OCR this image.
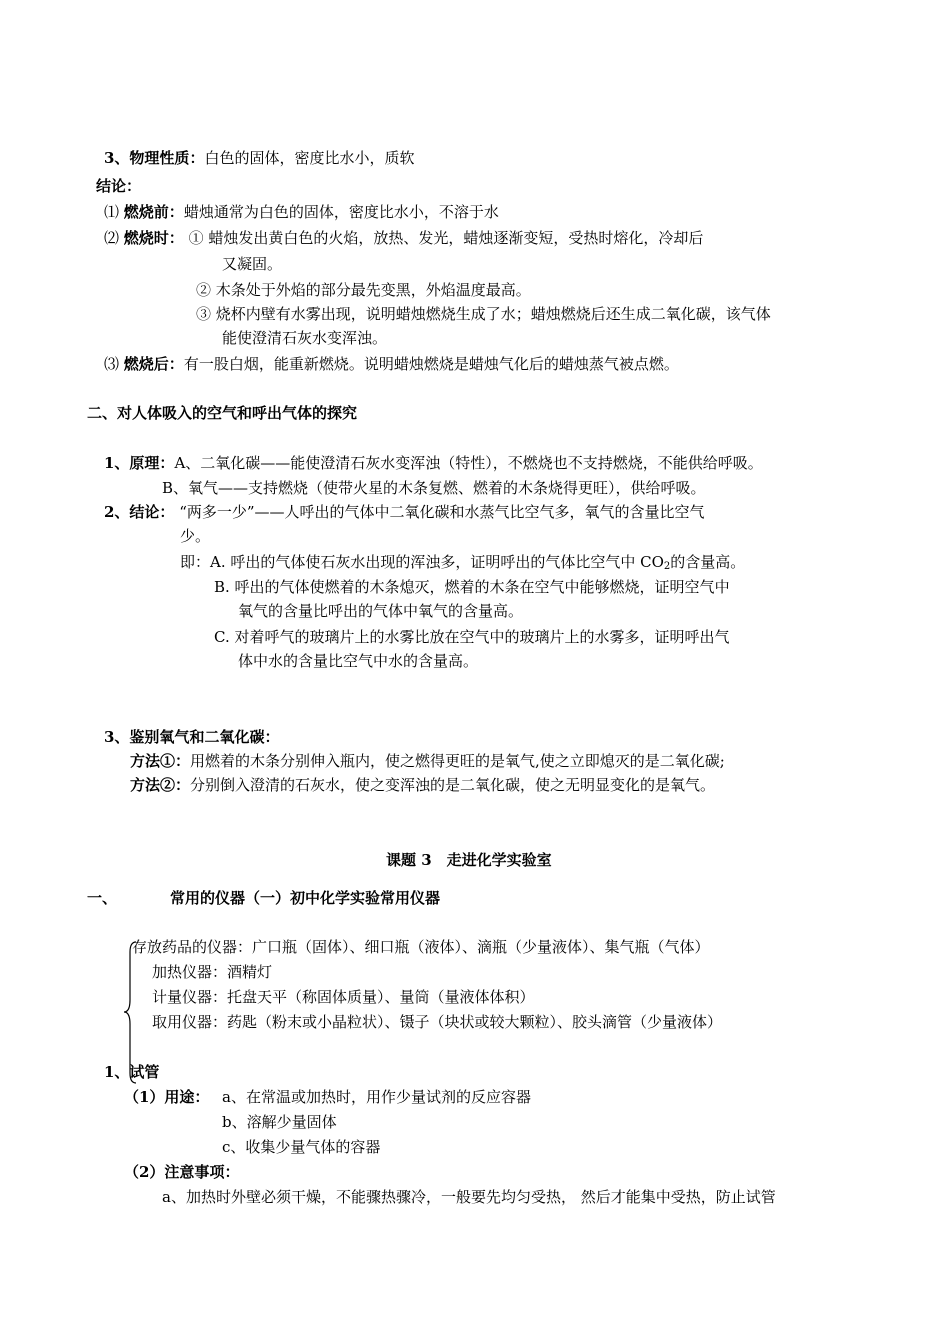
3、物理性质：白色的固体，密度比水小，质软
结论：
⑴ 燃烧前：蜡烛通常为白色的固体，密度比水小，不溶于水
⑵ 燃烧时： ① 蜡烛发出黄白色的火焰，放热、发光，蜡烛逐渐变短，受热时熔化，冷却后
又凝固。
② 木条处于外焰的部分最先变黑，外焰温度最高。
③ 烧杯内壁有水雾出现，说明蜡烛燃烧生成了水；蜡烛燃烧后还生成二氧化碳，该气体
能使澄清石灰水变浑浊。
⑶ 燃烧后：有一股白烟，能重新燃烧。说明蜡烛燃烧是蜡烛气化后的蜡烛蒸气被点燃。
二、对人体吸入的空气和呼出气体的探究
1、原理：A、二氧化碳——能使澄清石灰水变浑浊（特性），不燃烧也不支持燃烧，不能供给呼吸。
B、氧气——支持燃烧（使带火星的木条复燃、燃着的木条烧得更旺），供给呼吸。
2、结论： “两多一少”——人呼出的气体中二氧化碳和水蒸气比空气多，氧气的含量比空气
少。
即：A. 呼出的气体使石灰水出现的浑浊多，证明呼出的气体比空气中 $CO_2$的含量高。
B. 呼出的气体使燃着的木条熄灭，燃着的木条在空气中能够燃烧，证明空气中
氧气的含量比呼出的气体中氧气的含量高。
C. 对着呼气的玻璃片上的水雾比放在空气中的玻璃片上的水雾多，证明呼出气
体中水的含量比空气中水的含量高。
3、鉴别氧气和二氧化碳：
方法①：用燃着的木条分别伸入瓶内，使之燃得更旺的是氧气,使之立即熄灭的是二氧化碳;
方法②：分别倒入澄清的石灰水，使之变浑浊的是二氧化碳，使之无明显变化的是氧气。
课题 3　走进化学实验室
一、	常用的仪器（一）初中化学实验常用仪器
存放药品的仪器：广口瓶（固体）、细口瓶（液体）、滴瓶（少量液体）、集气瓶（气体）
加热仪器：酒精灯
计量仪器：托盘天平（称固体质量）、量筒（量液体体积）
取用仪器：药匙（粉末或小晶粒状）、镊子（块状或较大颗粒）、胶头滴管（少量液体）
1、试管
（1）用途： a、在常温或加热时，用作少量试剂的反应容器
b、溶解少量固体
c、收集少量气体的容器
（2）注意事项：
a、加热时外壁必须干燥，不能骤热骤冷，一般要先均匀受热， 然后才能集中受热，防止试管
